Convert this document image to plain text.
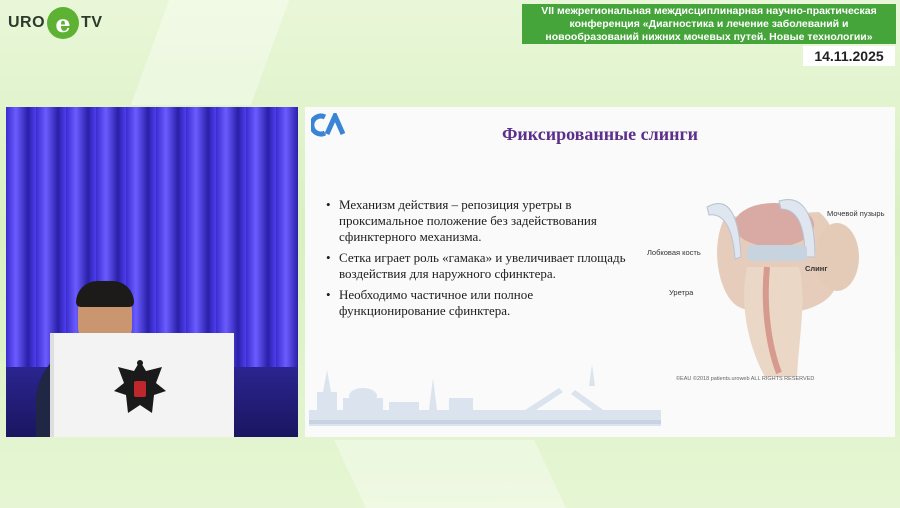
URO e TV
VII межрегиональная междисциплинарная научно-практическая
конференция «Диагностика и лечение заболеваний и
новообразований нижних мочевых путей. Новые технологии»
14.11.2025
Фиксированные слинги
• Механизм действия – репозиция уретры в проксимальное положение без задействования сфинктерного механизма.
• Сетка играет роль «гамака» и увеличивает площадь воздействия для наружного сфинктера.
• Необходимо частичное или полное функционирование сфинктера.
Мочевой пузырь
Лобковая кость
Слинг
Уретра
©EAU ©2018 patients.uroweb ALL RIGHTS RESERVED
